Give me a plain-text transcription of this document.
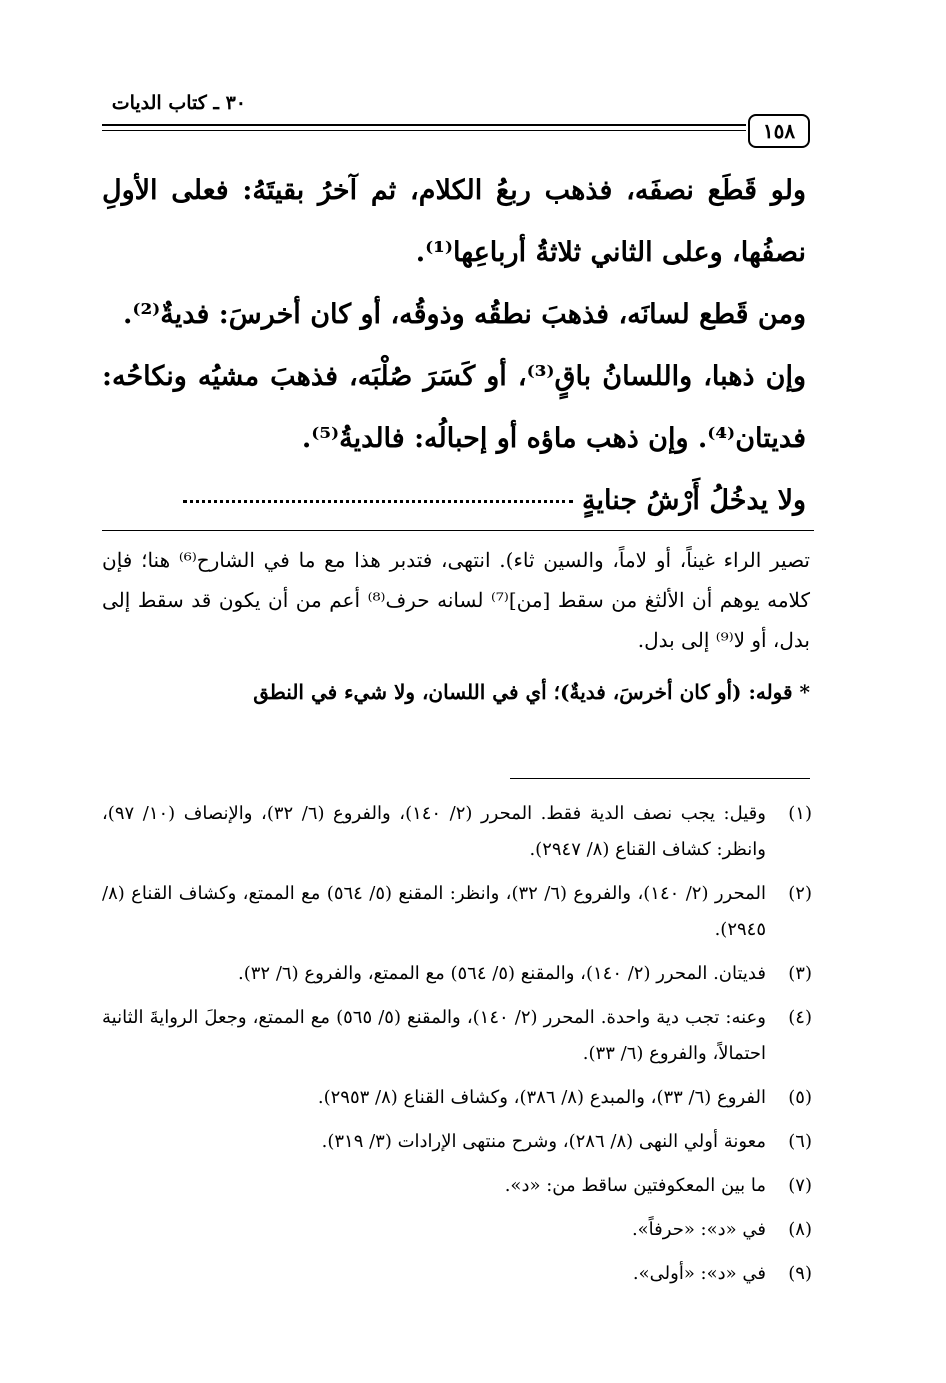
٣٠ ـ كتاب الديات
١٥٨

ولو قَطَع نصفَه، فذهب ربعُ الكلام، ثم آخرُ بقيتَهُ: فعلى الأولِ نصفُها، وعلى الثاني ثلاثةُ أرباعِها⁽¹⁾.

ومن قَطع لسانَه، فذهبَ نطقُه وذوقُه، أو كان أخرسَ: فديةٌ⁽²⁾.

وإن ذهبا، واللسانُ باقٍ⁽³⁾، أو كَسَرَ صُلْبَه، فذهبَ مشيُه ونكاحُه: فديتان⁽⁴⁾. وإن ذهب ماؤه أو إحبالُه: فالديةُ⁽⁵⁾.

ولا يدخُلُ أَرْشُ جنايةٍ

تصير الراء غيناً، أو لاماً، والسين ثاء). انتهى، فتدبر هذا مع ما في الشارح⁽⁶⁾ هنا؛ فإن كلامه يوهم أن الألثغ من سقط [من]⁽⁷⁾ لسانه حرف⁽⁸⁾ أعم من أن يكون قد سقط إلى بدل، أو لا⁽⁹⁾ إلى بدل.

* قوله: (أو كان أخرسَ، فديةٌ)؛ أي في اللسان، ولا شيء في النطق

(١)
وقيل: يجب نصف الدية فقط. المحرر (٢/ ١٤٠)، والفروع (٦/ ٣٢)، والإنصاف (١٠/ ٩٧)، وانظر: كشاف القناع (٨/ ٢٩٤٧).
(٢)
المحرر (٢/ ١٤٠)، والفروع (٦/ ٣٢)، وانظر: المقنع (٥/ ٥٦٤) مع الممتع، وكشاف القناع (٨/ ٢٩٤٥).
(٣)
فديتان. المحرر (٢/ ١٤٠)، والمقنع (٥/ ٥٦٤) مع الممتع، والفروع (٦/ ٣٢).
(٤)
وعنه: تجب دية واحدة. المحرر (٢/ ١٤٠)، والمقنع (٥/ ٥٦٥) مع الممتع، وجعلَ الروايةَ الثانية احتمالاً، والفروع (٦/ ٣٣).
(٥)
الفروع (٦/ ٣٣)، والمبدع (٨/ ٣٨٦)، وكشاف القناع (٨/ ٢٩٥٣).
(٦)
معونة أولي النهى (٨/ ٢٨٦)، وشرح منتهى الإرادات (٣/ ٣١٩).
(٧)
ما بين المعكوفتين ساقط من: «د».
(٨)
في «د»: «حرفاً».
(٩)
في «د»: «أولى».
